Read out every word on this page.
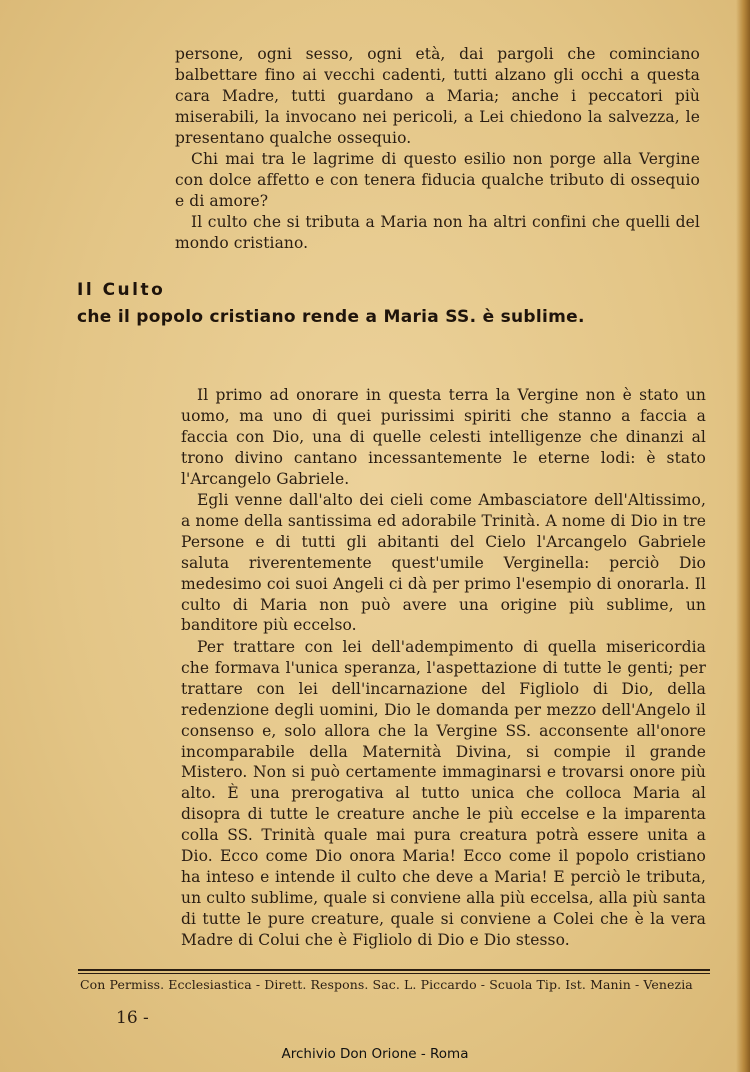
persone, ogni sesso, ogni età, dai pargoli che cominciano balbettare fino ai vecchi cadenti, tutti alzano gli occhi a questa cara Madre, tutti guardano a Maria; anche i peccatori più miserabili, la invocano nei pericoli, a Lei chiedono la salvezza, le presentano qualche ossequio.

Chi mai tra le lagrime di questo esilio non porge alla Vergine con dolce affetto e con tenera fiducia qualche tributo di ossequio e di amore?

Il culto che si tributa a Maria non ha altri confini che quelli del mondo cristiano.

Il Culto
che il popolo cristiano rende a Maria SS. è sublime.

Il primo ad onorare in questa terra la Vergine non è stato un uomo, ma uno di quei purissimi spiriti che stanno a faccia a faccia con Dio, una di quelle celesti intelligenze che dinanzi al trono divino cantano incessantemente le eterne lodi: è stato l'Arcangelo Gabriele.

Egli venne dall'alto dei cieli come Ambasciatore dell'Altissimo, a nome della santissima ed adorabile Trinità. A nome di Dio in tre Persone e di tutti gli abitanti del Cielo l'Arcangelo Gabriele saluta riverentemente quest'umile Verginella: perciò Dio medesimo coi suoi Angeli ci dà per primo l'esempio di onorarla. Il culto di Maria non può avere una origine più sublime, un banditore più eccelso.

Per trattare con lei dell'adempimento di quella misericordia che formava l'unica speranza, l'aspettazione di tutte le genti; per trattare con lei dell'incarnazione del Figliolo di Dio, della redenzione degli uomini, Dio le domanda per mezzo dell'Angelo il consenso e, solo allora che la Vergine SS. acconsente all'onore incomparabile della Maternità Divina, si compie il grande Mistero. Non si può certamente immaginarsi e trovarsi onore più alto. È una prerogativa al tutto unica che colloca Maria al disopra di tutte le creature anche le più eccelse e la imparenta colla SS. Trinità quale mai pura creatura potrà essere unita a Dio. Ecco come Dio onora Maria! Ecco come il popolo cristiano ha inteso e intende il culto che deve a Maria! E perciò le tributa, un culto sublime, quale si conviene alla più eccelsa, alla più santa di tutte le pure creature, quale si conviene a Colei che è la vera Madre di Colui che è Figliolo di Dio e Dio stesso.

Con Permiss. Ecclesiastica - Dirett. Respons. Sac. L. Piccardo - Scuola Tip. Ist. Manin - Venezia
16 -
Archivio Don Orione - Roma
